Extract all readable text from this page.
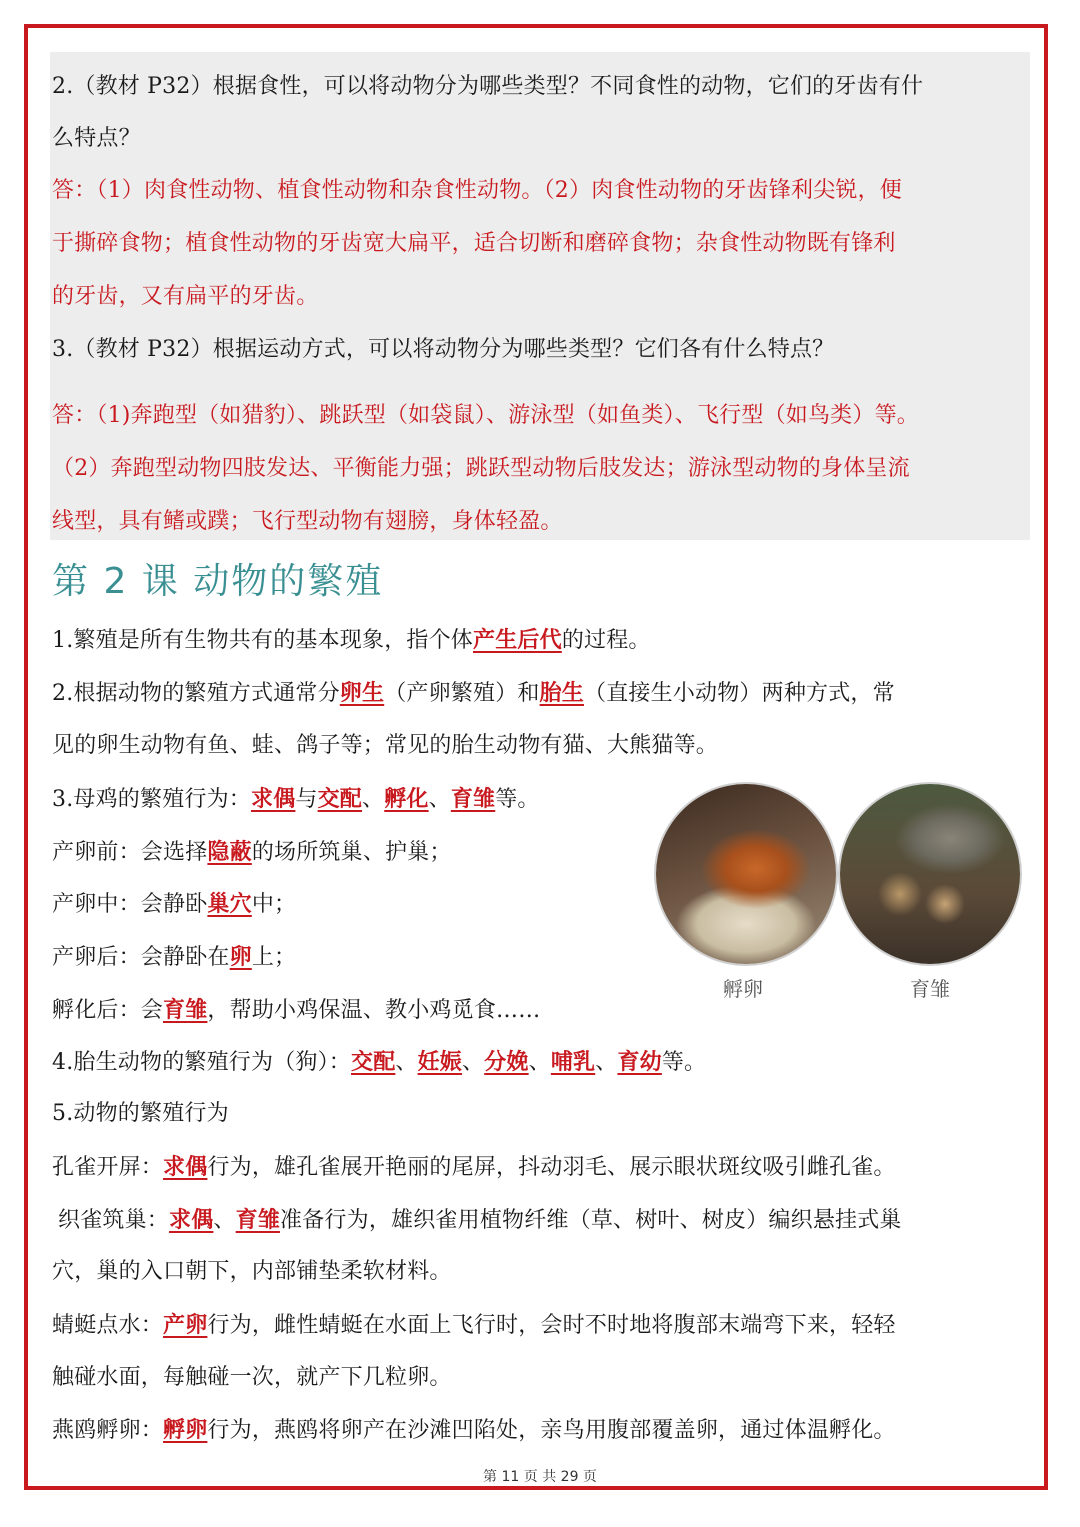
2.（教材 P32）根据食性，可以将动物分为哪些类型？不同食性的动物，它们的牙齿有什
么特点？
答：（1）肉食性动物、植食性动物和杂食性动物。（2）肉食性动物的牙齿锋利尖锐，便
于撕碎食物；植食性动物的牙齿宽大扁平，适合切断和磨碎食物；杂食性动物既有锋利
的牙齿，又有扁平的牙齿。
3.（教材 P32）根据运动方式，可以将动物分为哪些类型？它们各有什么特点？
答：（1)奔跑型（如猎豹）、跳跃型（如袋鼠）、游泳型（如鱼类）、飞行型（如鸟类）等。
（2）奔跑型动物四肢发达、平衡能力强；跳跃型动物后肢发达；游泳型动物的身体呈流
线型，具有鳍或蹼；飞行型动物有翅膀，身体轻盈。
第 2 课 动物的繁殖
1.繁殖是所有生物共有的基本现象，指个体产生后代的过程。
2.根据动物的繁殖方式通常分卵生（产卵繁殖）和胎生（直接生小动物）两种方式，常
见的卵生动物有鱼、蛙、鸽子等；常见的胎生动物有猫、大熊猫等。
3.母鸡的繁殖行为：求偶与交配、孵化、育雏等。
产卵前：会选择隐蔽的场所筑巢、护巢；
产卵中：会静卧巢穴中；
产卵后：会静卧在卵上；
孵化后：会育雏，帮助小鸡保温、教小鸡觅食……
孵卵	育雏
4.胎生动物的繁殖行为（狗）：交配、妊娠、分娩、哺乳、育幼等。
5.动物的繁殖行为
孔雀开屏：求偶行为，雄孔雀展开艳丽的尾屏，抖动羽毛、展示眼状斑纹吸引雌孔雀。
织雀筑巢：求偶、育雏准备行为，雄织雀用植物纤维（草、树叶、树皮）编织悬挂式巢
穴，巢的入口朝下，内部铺垫柔软材料。
蜻蜓点水：产卵行为，雌性蜻蜓在水面上飞行时，会时不时地将腹部末端弯下来，轻轻
触碰水面，每触碰一次，就产下几粒卵。
燕鸥孵卵：孵卵行为，燕鸥将卵产在沙滩凹陷处，亲鸟用腹部覆盖卵，通过体温孵化。
第 11 页 共 29 页
